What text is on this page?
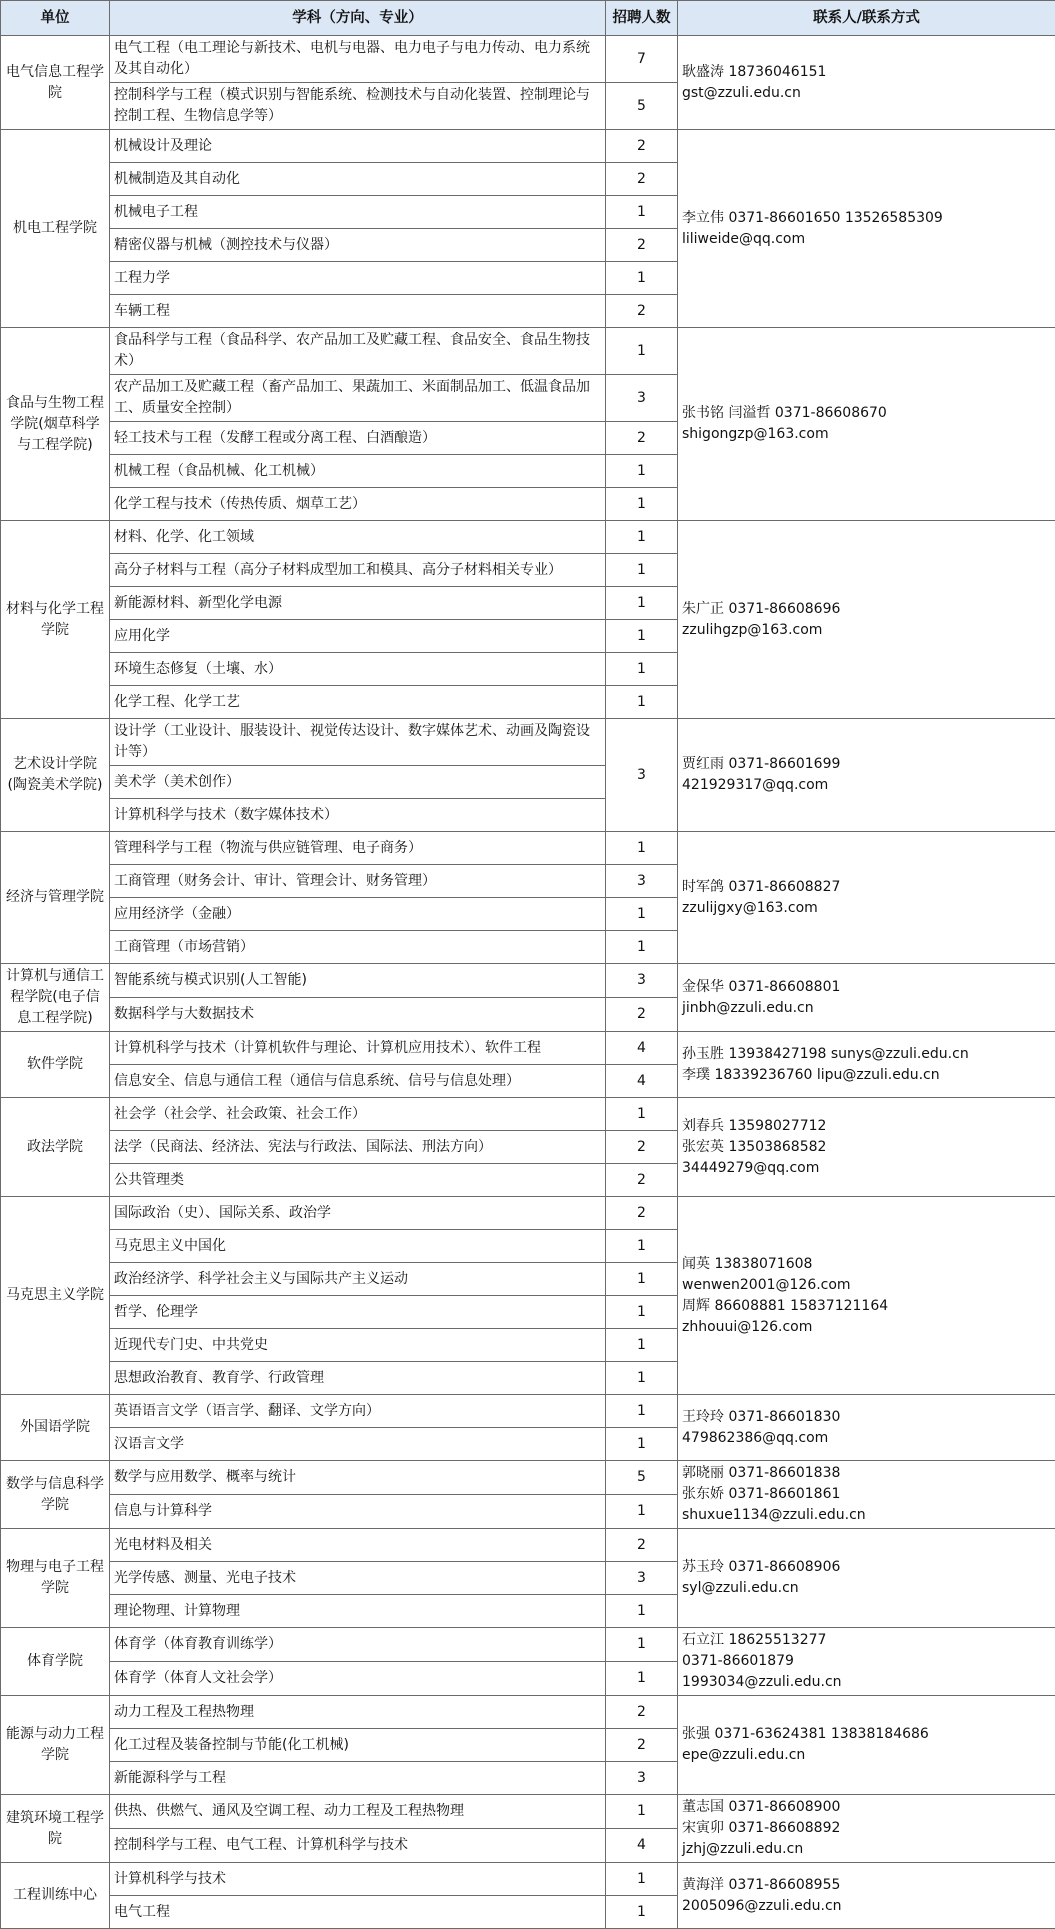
单位	学科（方向、专业）	招聘人数	联系人/联系方式
电气信息工程学院	电气工程（电工理论与新技术、电机与电器、电力电子与电力传动、电力系统及其自动化）	7	耿盛涛 18736046151
gst@zzuli.edu.cn

	控制科学与工程（模式识别与智能系统、检测技术与自动化装置、控制理论与控制工程、生物信息学等）	5	
机电工程学院	机械设计及理论	2	李立伟 0371-86601650 13526585309
liliweide@qq.com

	机械制造及其自动化	2	
	机械电子工程	1	
	精密仪器与机械（测控技术与仪器）	2	
	工程力学	1	
	车辆工程	2	
食品与生物工程学院(烟草科学与工程学院)	食品科学与工程（食品科学、农产品加工及贮藏工程、食品安全、食品生物技术）	1	张书铭 闫溢哲 0371-86608670
shigongzp@163.com

	农产品加工及贮藏工程（畜产品加工、果蔬加工、米面制品加工、低温食品加工、质量安全控制）	3	
	轻工技术与工程（发酵工程或分离工程、白酒酿造）	2	
	机械工程（食品机械、化工机械）	1	
	化学工程与技术（传热传质、烟草工艺）	1	
材料与化学工程学院	材料、化学、化工领域	1	朱广正 0371-86608696
zzulihgzp@163.com

	高分子材料与工程（高分子材料成型加工和模具、高分子材料相关专业）	1	
	新能源材料、新型化学电源	1	
	应用化学	1	
	环境生态修复（土壤、水）	1	
	化学工程、化学工艺	1	
艺术设计学院(陶瓷美术学院)	设计学（工业设计、服装设计、视觉传达设计、数字媒体艺术、动画及陶瓷设计等）	3	贾红雨 0371-86601699
421929317@qq.com

	美术学（美术创作）		
	计算机科学与技术（数字媒体技术）		
经济与管理学院	管理科学与工程（物流与供应链管理、电子商务）	1	时军鸽 0371-86608827
zzulijgxy@163.com

	工商管理（财务会计、审计、管理会计、财务管理）	3	
	应用经济学（金融）	1	
	工商管理（市场营销）	1	
计算机与通信工程学院(电子信息工程学院)	智能系统与模式识别(人工智能)	3	金保华 0371-86608801
jinbh@zzuli.edu.cn

	数据科学与大数据技术	2	
软件学院	计算机科学与技术（计算机软件与理论、计算机应用技术）、软件工程	4	孙玉胜 13938427198 sunys@zzuli.edu.cn
李璞 18339236760 lipu@zzuli.edu.cn

	信息安全、信息与通信工程（通信与信息系统、信号与信息处理）	4	
政法学院	社会学（社会学、社会政策、社会工作）	1	刘春兵 13598027712
张宏英 13503868582
34449279@qq.com

	法学（民商法、经济法、宪法与行政法、国际法、刑法方向）	2	
	公共管理类	2	
马克思主义学院	国际政治（史）、国际关系、政治学	2	闻英 13838071608
wenwen2001@126.com
周辉 86608881 15837121164
zhhouui@126.com

	马克思主义中国化	1	
	政治经济学、科学社会主义与国际共产主义运动	1	
	哲学、伦理学	1	
	近现代专门史、中共党史	1	
	思想政治教育、教育学、行政管理	1	
外国语学院	英语语言文学（语言学、翻译、文学方向）	1	王玲玲 0371-86601830
479862386@qq.com

	汉语言文学	1	
数学与信息科学学院	数学与应用数学、概率与统计	5	郭晓丽 0371-86601838
张东娇 0371-86601861
shuxue1134@zzuli.edu.cn

	信息与计算科学	1	
物理与电子工程学院	光电材料及相关	2	苏玉玲 0371-86608906
syl@zzuli.edu.cn

	光学传感、测量、光电子技术	3	
	理论物理、计算物理	1	
体育学院	体育学（体育教育训练学）	1	石立江 18625513277
0371-86601879
1993034@zzuli.edu.cn

	体育学（体育人文社会学）	1	
能源与动力工程学院	动力工程及工程热物理	2	张强 0371-63624381 13838184686
epe@zzuli.edu.cn

	化工过程及装备控制与节能(化工机械)	2	
	新能源科学与工程	3	
建筑环境工程学院	供热、供燃气、通风及空调工程、动力工程及工程热物理	1	董志国 0371-86608900
宋寅卯 0371-86608892
jzhj@zzuli.edu.cn

	控制科学与工程、电气工程、计算机科学与技术	4	
工程训练中心	计算机科学与技术	1	黄海洋 0371-86608955
2005096@zzuli.edu.cn

	电气工程	1	
